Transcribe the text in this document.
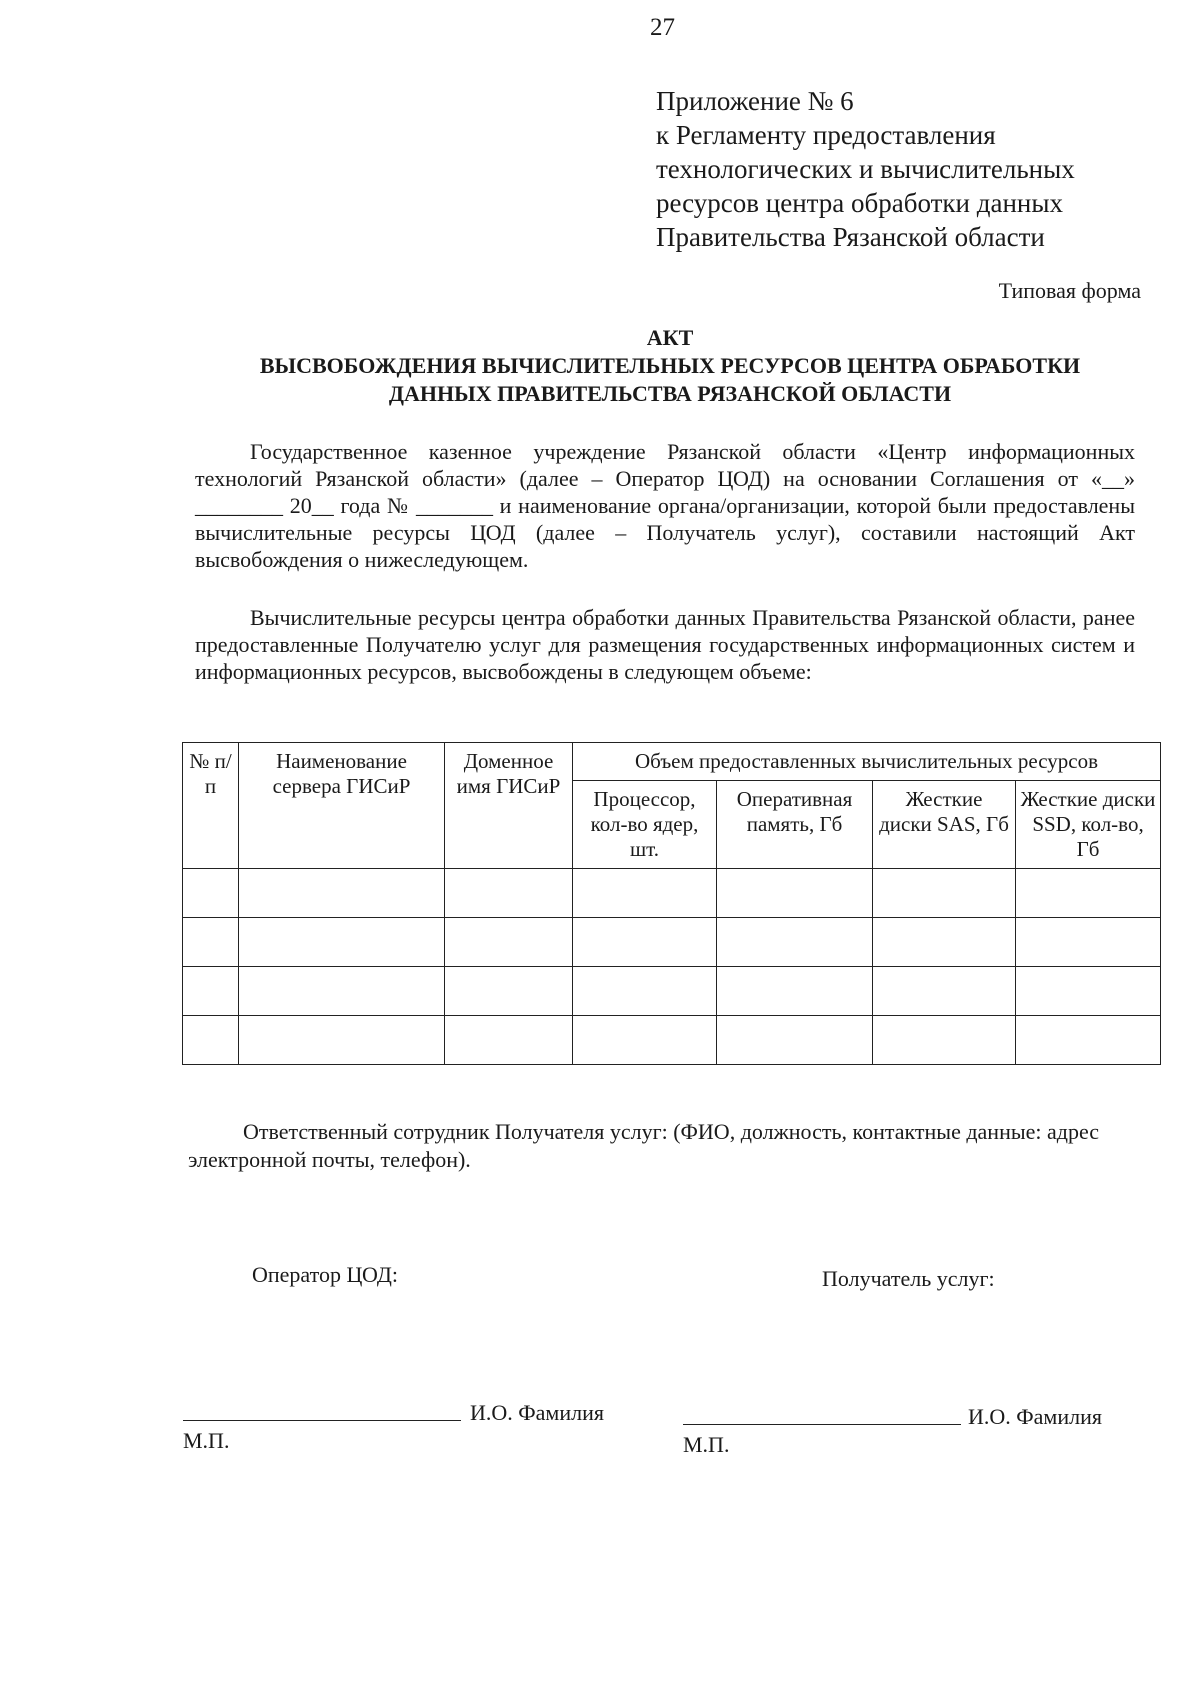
27
Приложение № 6
к Регламенту предоставления
технологических и вычислительных
ресурсов центра обработки данных
Правительства Рязанской области
Типовая форма
АКТ
ВЫСВОБОЖДЕНИЯ ВЫЧИСЛИТЕЛЬНЫХ РЕСУРСОВ ЦЕНТРА ОБРАБОТКИ
ДАННЫХ ПРАВИТЕЛЬСТВА РЯЗАНСКОЙ ОБЛАСТИ
Государственное казенное учреждение Рязанской области «Центр информационных технологий Рязанской области» (далее – Оператор ЦОД) на основании Соглашения от «__» ________ 20__ года № _______ и наименование органа/организации, которой были предоставлены вычислительные ресурсы ЦОД (далее – Получатель услуг), составили настоящий Акт высвобождения о нижеследующем.
Вычислительные ресурсы центра обработки данных Правительства Рязанской области, ранее предоставленные Получателю услуг для размещения государственных информационных систем и информационных ресурсов, высвобождены в следующем объеме:
№ п/п	Наименование сервера ГИСиР	Доменное имя ГИСиР	Объем предоставленных вычислительных ресурсов			
			Процессор, кол-во ядер, шт.	Оперативная память, Гб	Жесткие диски SAS, Гб	Жесткие диски SSD, кол-во, Гб

Ответственный сотрудник Получателя услуг: (ФИО, должность, контактные данные: адрес электронной почты, телефон).
Оператор ЦОД:	Получатель услуг:
И.О. Фамилия
М.П.
И.О. Фамилия
М.П.
